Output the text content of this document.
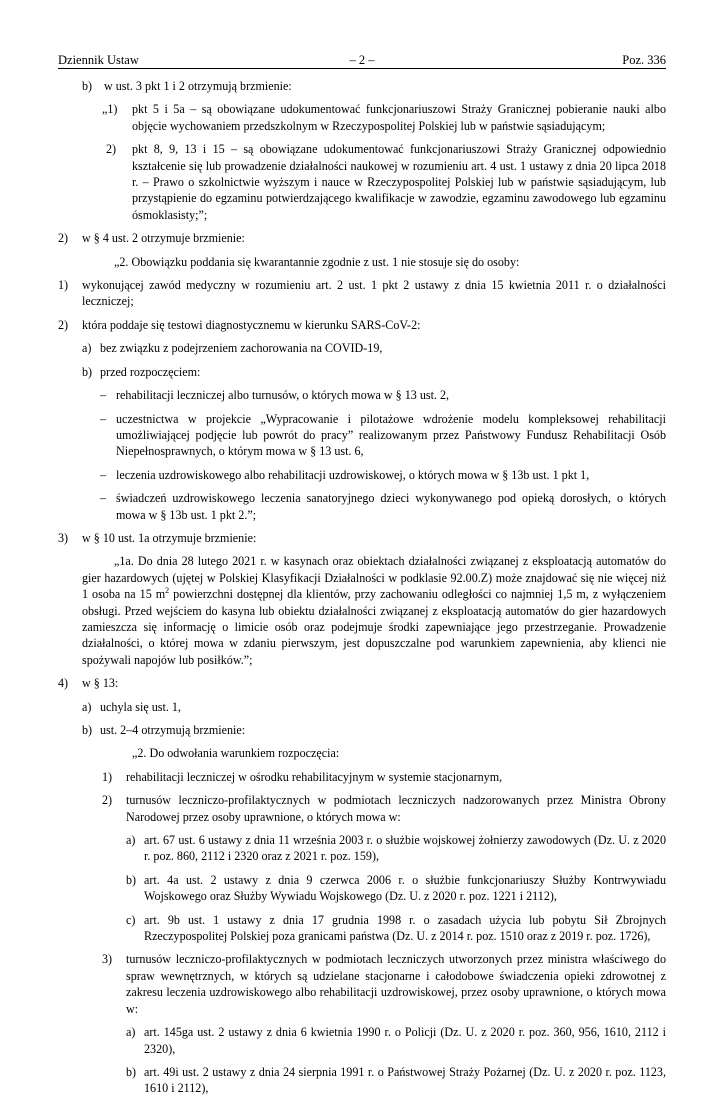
Dziennik Ustaw	– 2 –	Poz. 336
b) w ust. 3 pkt 1 i 2 otrzymują brzmienie:
„1)	pkt 5 i 5a – są obowiązane udokumentować funkcjonariuszowi Straży Granicznej pobieranie nauki albo objęcie wychowaniem przedszkolnym w Rzeczypospolitej Polskiej lub w państwie sąsiadującym;
2)	pkt 8, 9, 13 i 15 – są obowiązane udokumentować funkcjonariuszowi Straży Granicznej odpowiednio kształcenie się lub prowadzenie działalności naukowej w rozumieniu art. 4 ust. 1 ustawy z dnia 20 lipca 2018 r. – Prawo o szkolnictwie wyższym i nauce w Rzeczypospolitej Polskiej lub w państwie sąsiadującym, lub przystąpienie do egzaminu potwierdzającego kwalifikacje w zawodzie, egzaminu zawodowego lub egzaminu ósmoklasisty;”;
2)	w § 4 ust. 2 otrzymuje brzmienie:
„2. Obowiązku poddania się kwarantannie zgodnie z ust. 1 nie stosuje się do osoby:
1)	wykonującej zawód medyczny w rozumieniu art. 2 ust. 1 pkt 2 ustawy z dnia 15 kwietnia 2011 r. o działalności leczniczej;
2)	która poddaje się testowi diagnostycznemu w kierunku SARS-CoV-2:
a) bez związku z podejrzeniem zachorowania na COVID-19,
b) przed rozpoczęciem:
– rehabilitacji leczniczej albo turnusów, o których mowa w § 13 ust. 2,
– uczestnictwa w projekcie „Wypracowanie i pilotażowe wdrożenie modelu kompleksowej rehabilitacji umożliwiającej podjęcie lub powrót do pracy” realizowanym przez Państwowy Fundusz Rehabilitacji Osób Niepełnosprawnych, o którym mowa w § 13 ust. 6,
– leczenia uzdrowiskowego albo rehabilitacji uzdrowiskowej, o których mowa w § 13b ust. 1 pkt 1,
– świadczeń uzdrowiskowego leczenia sanatoryjnego dzieci wykonywanego pod opieką dorosłych, o których mowa w § 13b ust. 1 pkt 2.”;
3)	w § 10 ust. 1a otrzymuje brzmienie:
„1a. Do dnia 28 lutego 2021 r. w kasynach oraz obiektach działalności związanej z eksploatacją automatów do gier hazardowych (ujętej w Polskiej Klasyfikacji Działalności w podklasie 92.00.Z) może znajdować się nie więcej niż 1 osoba na 15 $m^2$ powierzchni dostępnej dla klientów, przy zachowaniu odległości co najmniej 1,5 m, z wyłączeniem obsługi. Przed wejściem do kasyna lub obiektu działalności związanej z eksploatacją automatów do gier hazardowych zamieszcza się informację o limicie osób oraz podejmuje środki zapewniające jego przestrzeganie. Prowadzenie działalności, o której mowa w zdaniu pierwszym, jest dopuszczalne pod warunkiem zapewnienia, aby klienci nie spożywali napojów lub posiłków.”;
4)	w § 13:
a) uchyla się ust. 1,
b) ust. 2–4 otrzymują brzmienie:
„2. Do odwołania warunkiem rozpoczęcia:
1)	rehabilitacji leczniczej w ośrodku rehabilitacyjnym w systemie stacjonarnym,
2)	turnusów leczniczo-profilaktycznych w podmiotach leczniczych nadzorowanych przez Ministra Obrony Narodowej przez osoby uprawnione, o których mowa w:
a) art. 67 ust. 6 ustawy z dnia 11 września 2003 r. o służbie wojskowej żołnierzy zawodowych (Dz. U. z 2020 r. poz. 860, 2112 i 2320 oraz z 2021 r. poz. 159),
b) art. 4a ust. 2 ustawy z dnia 9 czerwca 2006 r. o służbie funkcjonariuszy Służby Kontrwywiadu Wojskowego oraz Służby Wywiadu Wojskowego (Dz. U. z 2020 r. poz. 1221 i 2112),
c) art. 9b ust. 1 ustawy z dnia 17 grudnia 1998 r. o zasadach użycia lub pobytu Sił Zbrojnych Rzeczypospolitej Polskiej poza granicami państwa (Dz. U. z 2014 r. poz. 1510 oraz z 2019 r. poz. 1726),
3)	turnusów leczniczo-profilaktycznych w podmiotach leczniczych utworzonych przez ministra właściwego do spraw wewnętrznych, w których są udzielane stacjonarne i całodobowe świadczenia opieki zdrowotnej z zakresu leczenia uzdrowiskowego albo rehabilitacji uzdrowiskowej, przez osoby uprawnione, o których mowa w:
a) art. 145ga ust. 2 ustawy z dnia 6 kwietnia 1990 r. o Policji (Dz. U. z 2020 r. poz. 360, 956, 1610, 2112 i 2320),
b) art. 49i ust. 2 ustawy z dnia 24 sierpnia 1991 r. o Państwowej Straży Pożarnej (Dz. U. z 2020 r. poz. 1123, 1610 i 2112),
